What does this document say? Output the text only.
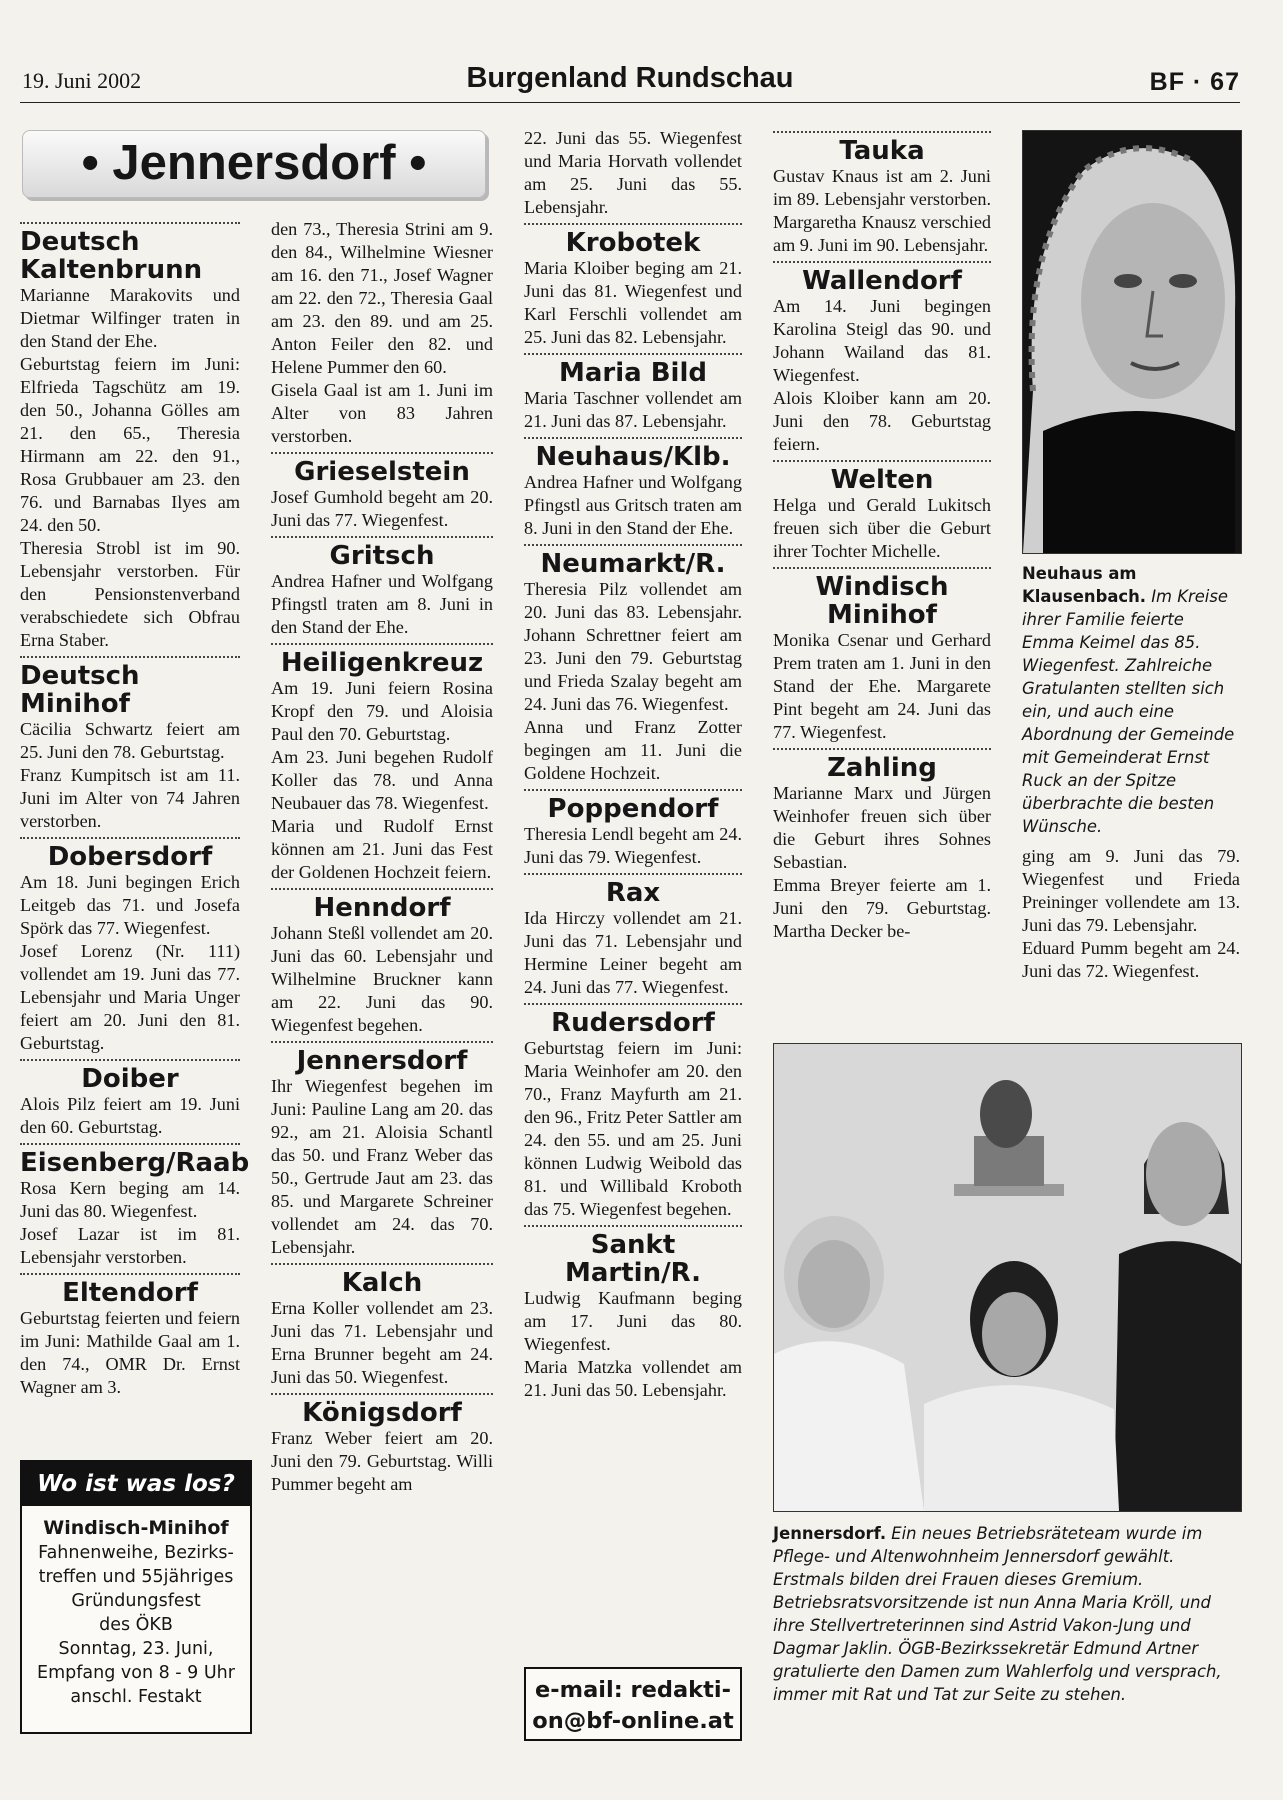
19. Juni 2002	Burgenland Rundschau	BF · 67
• Jennersdorf •
Deutsch Kaltenbrunn

Marianne Marakovits und Dietmar Wilfinger traten in den Stand der Ehe.

Geburtstag feiern im Juni: Elfrieda Tagschütz am 19. den 50., Johanna Gölles am 21. den 65., Theresia Hirmann am 22. den 91., Rosa Grubbauer am 23. den 76. und Barnabas Ilyes am 24. den 50.

Theresia Strobl ist im 90. Lebensjahr verstorben. Für den Pensionstenverband verabschiedete sich Obfrau Erna Staber.

Deutsch Minihof

Cäcilia Schwartz feiert am 25. Juni den 78. Geburtstag.

Franz Kumpitsch ist am 11. Juni im Alter von 74 Jahren verstorben.

Dobersdorf

Am 18. Juni begingen Erich Leitgeb das 71. und Josefa Spörk das 77. Wiegenfest.

Josef Lorenz (Nr. 111) vollendet am 19. Juni das 77. Lebensjahr und Maria Unger feiert am 20. Juni den 81. Geburtstag.

Doiber

Alois Pilz feiert am 19. Juni den 60. Geburtstag.

Eisenberg/Raab

Rosa Kern beging am 14. Juni das 80. Wiegenfest.

Josef Lazar ist im 81. Lebensjahr verstorben.

Eltendorf

Geburtstag feierten und feiern im Juni: Mathilde Gaal am 1. den 74., OMR Dr. Ernst Wagner am 3.

den 73., Theresia Strini am 9. den 84., Wilhelmine Wiesner am 16. den 71., Josef Wagner am 22. den 72., Theresia Gaal am 23. den 89. und am 25. Anton Feiler den 82. und Helene Pummer den 60.

Gisela Gaal ist am 1. Juni im Alter von 83 Jahren verstorben.

Grieselstein

Josef Gumhold begeht am 20. Juni das 77. Wiegenfest.

Gritsch

Andrea Hafner und Wolfgang Pfingstl traten am 8. Juni in den Stand der Ehe.

Heiligenkreuz

Am 19. Juni feiern Rosina Kropf den 79. und Aloisia Paul den 70. Geburtstag.

Am 23. Juni begehen Rudolf Koller das 78. und Anna Neubauer das 78. Wiegenfest.

Maria und Rudolf Ernst können am 21. Juni das Fest der Goldenen Hochzeit feiern.

Henndorf

Johann Steßl vollendet am 20. Juni das 60. Lebensjahr und Wilhelmine Bruckner kann am 22. Juni das 90. Wiegenfest begehen.

Jennersdorf

Ihr Wiegenfest begehen im Juni: Pauline Lang am 20. das 92., am 21. Aloisia Schantl das 50. und Franz Weber das 50., Gertrude Jaut am 23. das 85. und Margarete Schreiner vollendet am 24. das 70. Lebensjahr.

Kalch

Erna Koller vollendet am 23. Juni das 71. Lebensjahr und Erna Brunner begeht am 24. Juni das 50. Wiegenfest.

Königsdorf

Franz Weber feiert am 20. Juni den 79. Geburtstag. Willi Pummer begeht am

22. Juni das 55. Wiegenfest und Maria Horvath vollendet am 25. Juni das 55. Lebensjahr.

Krobotek

Maria Kloiber beging am 21. Juni das 81. Wiegenfest und Karl Ferschli vollendet am 25. Juni das 82. Lebensjahr.

Maria Bild

Maria Taschner vollendet am 21. Juni das 87. Lebensjahr.

Neuhaus/Klb.

Andrea Hafner und Wolfgang Pfingstl aus Gritsch traten am 8. Juni in den Stand der Ehe.

Neumarkt/R.

Theresia Pilz vollendet am 20. Juni das 83. Lebensjahr. Johann Schrettner feiert am 23. Juni den 79. Geburtstag und Frieda Szalay begeht am 24. Juni das 76. Wiegenfest.

Anna und Franz Zotter begingen am 11. Juni die Goldene Hochzeit.

Poppendorf

Theresia Lendl begeht am 24. Juni das 79. Wiegenfest.

Rax

Ida Hirczy vollendet am 21. Juni das 71. Lebensjahr und Hermine Leiner begeht am 24. Juni das 77. Wiegenfest.

Rudersdorf

Geburtstag feiern im Juni: Maria Weinhofer am 20. den 70., Franz Mayfurth am 21. den 96., Fritz Peter Sattler am 24. den 55. und am 25. Juni können Ludwig Weibold das 81. und Willibald Kroboth das 75. Wiegenfest begehen.

Sankt Martin/R.

Ludwig Kaufmann beging am 17. Juni das 80. Wiegenfest.

Maria Matzka vollendet am 21. Juni das 50. Lebensjahr.

Tauka

Gustav Knaus ist am 2. Juni im 89. Lebensjahr verstorben. Margaretha Knausz verschied am 9. Juni im 90. Lebensjahr.

Wallendorf

Am 14. Juni begingen Karolina Steigl das 90. und Johann Wailand das 81. Wiegenfest.

Alois Kloiber kann am 20. Juni den 78. Geburtstag feiern.

Welten

Helga und Gerald Lukitsch freuen sich über die Geburt ihrer Tochter Michelle.

Windisch Minihof

Monika Csenar und Gerhard Prem traten am 1. Juni in den Stand der Ehe. Margarete Pint begeht am 24. Juni das 77. Wiegenfest.

Zahling

Marianne Marx und Jürgen Weinhofer freuen sich über die Geburt ihres Sohnes Sebastian.

Emma Breyer feierte am 1. Juni den 79. Geburtstag. Martha Decker be-

ging am 9. Juni das 79. Wiegenfest und Frieda Preininger vollendete am 13. Juni das 79. Lebensjahr.

Eduard Pumm begeht am 24. Juni das 72. Wiegenfest.

Neuhaus am Klausenbach. Im Kreise ihrer Familie feierte Emma Keimel das 85. Wiegenfest. Zahlreiche Gratulanten stellten sich ein, und auch eine Abordnung der Gemeinde mit Gemeinderat Ernst Ruck an der Spitze überbrachte die besten Wünsche.
Jennersdorf. Ein neues Betriebsräteteam wurde im Pflege- und Altenwohnheim Jennersdorf gewählt. Erstmals bilden drei Frauen dieses Gremium. Betriebsratsvorsitzende ist nun Anna Maria Kröll, und ihre Stellvertreterinnen sind Astrid Vakon-Jung und Dagmar Jaklin. ÖGB-Bezirkssekretär Edmund Artner gratulierte den Damen zum Wahlerfolg und versprach, immer mit Rat und Tat zur Seite zu stehen.
Wo ist was los?
Windisch-Minihof
Fahnenweihe, Bezirks-
treffen und 55jähriges
Gründungsfest
des ÖKB
Sonntag, 23. Juni,
Empfang von 8 - 9 Uhr
anschl. Festakt	e-mail: redakti-
on@bf-online.at
